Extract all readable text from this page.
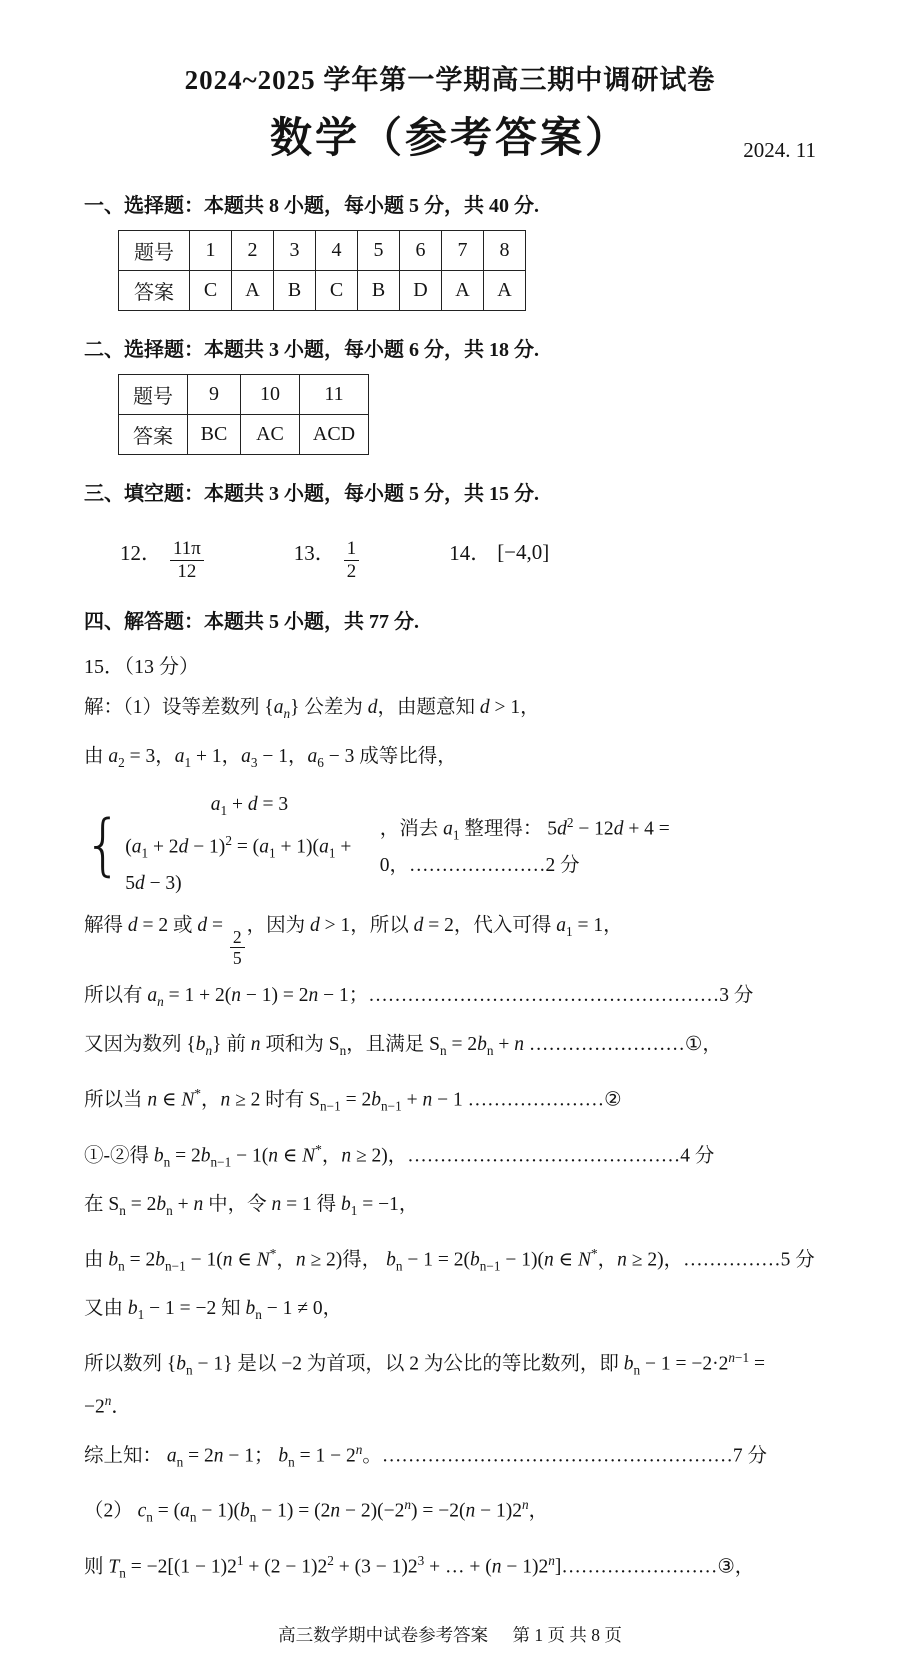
2024~2025 学年第一学期高三期中调研试卷
数学（参考答案）	2024. 11
一、选择题：本题共 8 小题，每小题 5 分，共 40 分.
题号	1	2	3	4	5	6	7	8
答案	C	A	B	C	B	D	A	A
二、选择题：本题共 3 小题，每小题 6 分，共 18 分.
题号	9	10	11
答案	BC	AC	ACD
三、填空题：本题共 3 小题，每小题 5 分，共 15 分.
12． $\frac{11\pi}{12}$	13． $\frac{1}{2}$	14． [−4,0]
四、解答题：本题共 5 小题，共 77 分.
15．（13 分）
解：（1）设等差数列 $\{a_n\}$ 公差为 d，由题意知 d > 1，
由 $a_2 = 3$，$a_1 + 1$，$a_3 - 1$，$a_6 - 3$ 成等比得，
{
$a_1 + d = 3$
$(a_1 + 2d - 1)^2 = (a_1 + 1)(a_1 + 5d - 3)$
，消去 $a_1$ 整理得： $5d^2 - 12d + 4 = 0$，…………………2 分
解得 d = 2 或 d =
$\frac{2}{5}$
，因为 d > 1，所以 d = 2，代入可得 $a_1 = 1$，
所以有 $a_n = 1 + 2(n - 1) = 2n - 1$；………………………………………………3 分
又因为数列 $\{b_n\}$ 前 n 项和为 $S_n$，且满足 $S_n = 2b_n + n$ ……………………①，
所以当 n ∈ N*，n ≥ 2 时有 $S_{n-1} = 2b_{n-1} + n - 1$ …………………②
①-②得 $b_n = 2b_{n-1} - 1(n$ ∈ N*，n ≥ 2)，……………………………………4 分
在 $S_n = 2b_n + n$ 中，令 n = 1 得 $b_1 = -1$，
由 $b_n = 2b_{n-1} - 1(n$ ∈ N*，n ≥ 2)得， $b_n - 1 = 2(b_{n-1} - 1)(n$ ∈ N*，n ≥ 2)，……………5 分
又由 $b_1 - 1 = -2$ 知 $b_n - 1 \ne 0$，
所以数列 $\{b_n - 1\}$ 是以 −2 为首项，以 2 为公比的等比数列，即 $b_n - 1 = -2\cdot 2^{n-1} = -2^n$．
综上知： $a_n = 2n - 1$； $b_n = 1 - 2^n$。………………………………………………7 分
（2） $c_n = (a_n - 1)(b_n - 1) = (2n - 2)(-2^n) = -2(n - 1)2^n$，
则 $T_n = -2[(1 - 1)2^1 + (2 - 1)2^2 + (3 - 1)2^3$ + … + $(n - 1)2^n]\dots\dots\dots\dots\dots\dots\dots\dots ③$，
高三数学期中试卷参考答案 第 1 页 共 8 页
